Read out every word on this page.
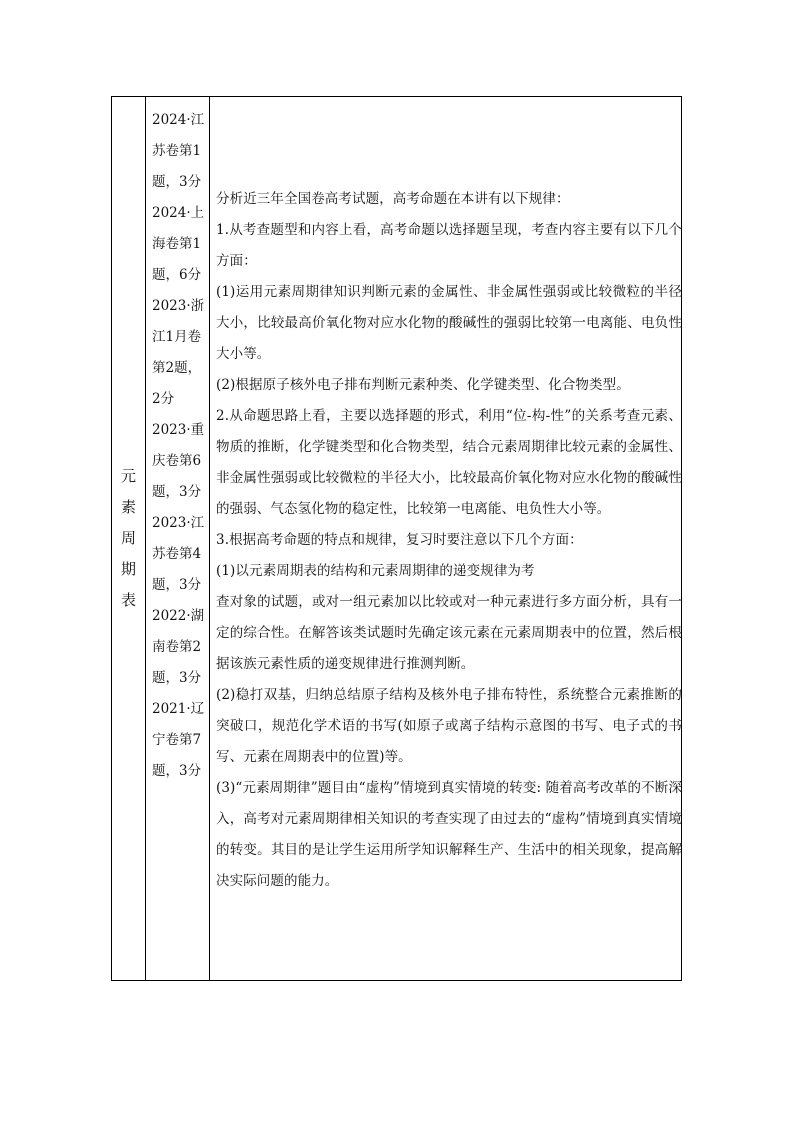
元素周期表
2024·江苏卷第1题，3分
2024·上海卷第1题，6分
2023·浙江1月卷第2题，2分
2023·重庆卷第6题，3分
2023·江苏卷第4题，3分
2022·湖南卷第2题，3分
2021·辽宁卷第7题，3分

分析近三年全国卷高考试题，高考命题在本讲有以下规律：

1.从考查题型和内容上看，高考命题以选择题呈现，考查内容主要有以下几个方面：

(1)运用元素周期律知识判断元素的金属性、非金属性强弱或比较微粒的半径大小，比较最高价氧化物对应水化物的酸碱性的强弱比较第一电离能、电负性大小等。

(2)根据原子核外电子排布判断元素种类、化学键类型、化合物类型。

2.从命题思路上看，主要以选择题的形式，利用“位-构-性”的关系考查元素、物质的推断，化学键类型和化合物类型，结合元素周期律比较元素的金属性、非金属性强弱或比较微粒的半径大小，比较最高价氧化物对应水化物的酸碱性的强弱、气态氢化物的稳定性，比较第一电离能、电负性大小等。

3.根据高考命题的特点和规律，复习时要注意以下几个方面：

(1)以元素周期表的结构和元素周期律的递变规律为考

查对象的试题，或对一组元素加以比较或对一种元素进行多方面分析，具有一定的综合性。在解答该类试题时先确定该元素在元素周期表中的位置，然后根据该族元素性质的递变规律进行推测判断。

(2)稳打双基，归纳总结原子结构及核外电子排布特性，系统整合元素推断的突破口，规范化学术语的书写(如原子或离子结构示意图的书写、电子式的书写、元素在周期表中的位置)等。

(3)“元素周期律”题目由“虚构”情境到真实情境的转变: 随着高考改革的不断深入，高考对元素周期律相关知识的考查实现了由过去的“虚构”情境到真实情境的转变。其目的是让学生运用所学知识解释生产、生活中的相关现象，提高解决实际问题的能力。
